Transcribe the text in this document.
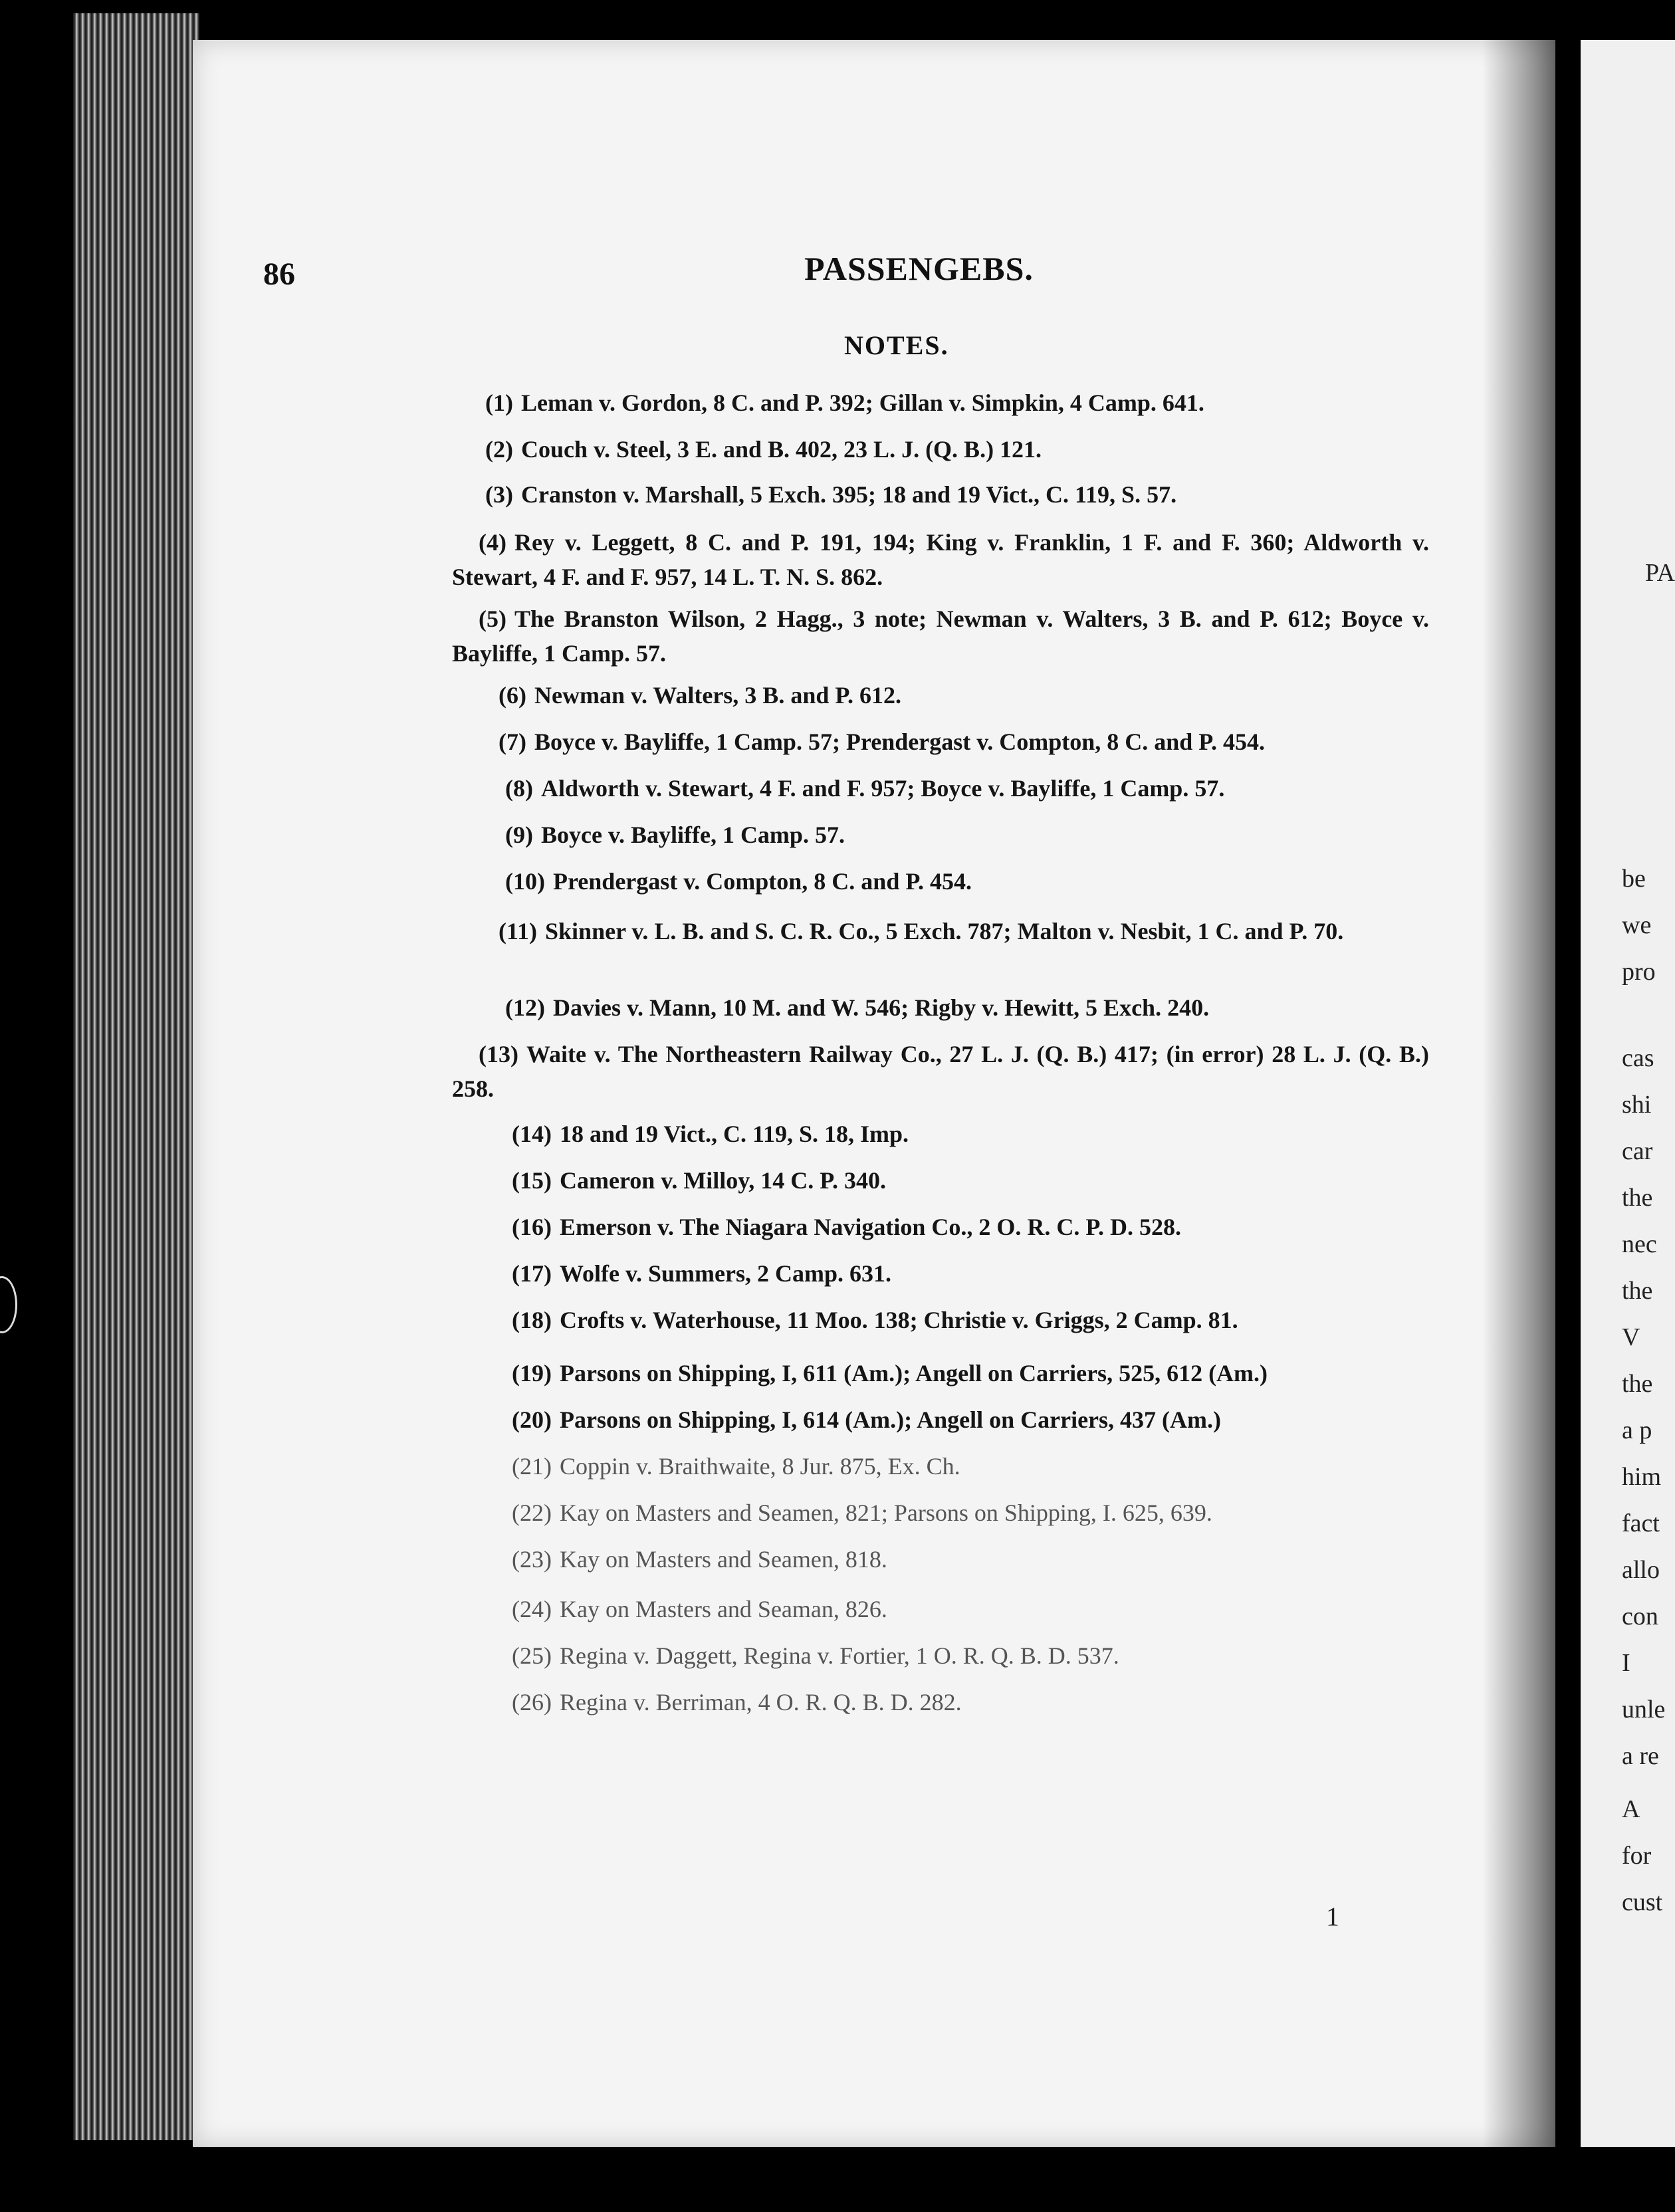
86	PASSENGEBS.
NOTES.
(1) Leman v. Gordon, 8 C. and P. 392; Gillan v. Simpkin, 4 Camp. 641.
(2) Couch v. Steel, 3 E. and B. 402, 23 L. J. (Q. B.) 121.
(3) Cranston v. Marshall, 5 Exch. 395; 18 and 19 Vict., C. 119, S. 57.
(4) Rey v. Leggett, 8 C. and P. 191, 194; King v. Franklin, 1 F. and F. 360; Aldworth v. Stewart, 4 F. and F. 957, 14 L. T. N. S. 862.
(5) The Branston Wilson, 2 Hagg., 3 note; Newman v. Walters, 3 B. and P. 612; Boyce v. Bayliffe, 1 Camp. 57.
(6) Newman v. Walters, 3 B. and P. 612.
(7) Boyce v. Bayliffe, 1 Camp. 57; Prendergast v. Compton, 8 C. and P. 454.
(8) Aldworth v. Stewart, 4 F. and F. 957; Boyce v. Bayliffe, 1 Camp. 57.
(9) Boyce v. Bayliffe, 1 Camp. 57.
(10) Prendergast v. Compton, 8 C. and P. 454.
(11) Skinner v. L. B. and S. C. R. Co., 5 Exch. 787; Malton v. Nesbit, 1 C. and P. 70.
(12) Davies v. Mann, 10 M. and W. 546; Rigby v. Hewitt, 5 Exch. 240.
(13) Waite v. The Northeastern Railway Co., 27 L. J. (Q. B.) 417; (in error) 28 L. J. (Q. B.) 258.
(14) 18 and 19 Vict., C. 119, S. 18, Imp.
(15) Cameron v. Milloy, 14 C. P. 340.
(16) Emerson v. The Niagara Navigation Co., 2 O. R. C. P. D. 528.
(17) Wolfe v. Summers, 2 Camp. 631.
(18) Crofts v. Waterhouse, 11 Moo. 138; Christie v. Griggs, 2 Camp. 81.
(19) Parsons on Shipping, I, 611 (Am.); Angell on Carriers, 525, 612 (Am.)
(20) Parsons on Shipping, I, 614 (Am.); Angell on Carriers, 437 (Am.)
(21) Coppin v. Braithwaite, 8 Jur. 875, Ex. Ch.
(22) Kay on Masters and Seamen, 821; Parsons on Shipping, I. 625, 639.
(23) Kay on Masters and Seamen, 818.
(24) Kay on Masters and Seaman, 826.
(25) Regina v. Daggett, Regina v. Fortier, 1 O. R. Q. B. D. 537.
(26) Regina v. Berriman, 4 O. R. Q. B. D. 282.
1
PA
be
we
pro
cas
shi
car
the
nec
the
V
the
a p
him
fact
allo
con
I
unle
a re
A
for
cust
